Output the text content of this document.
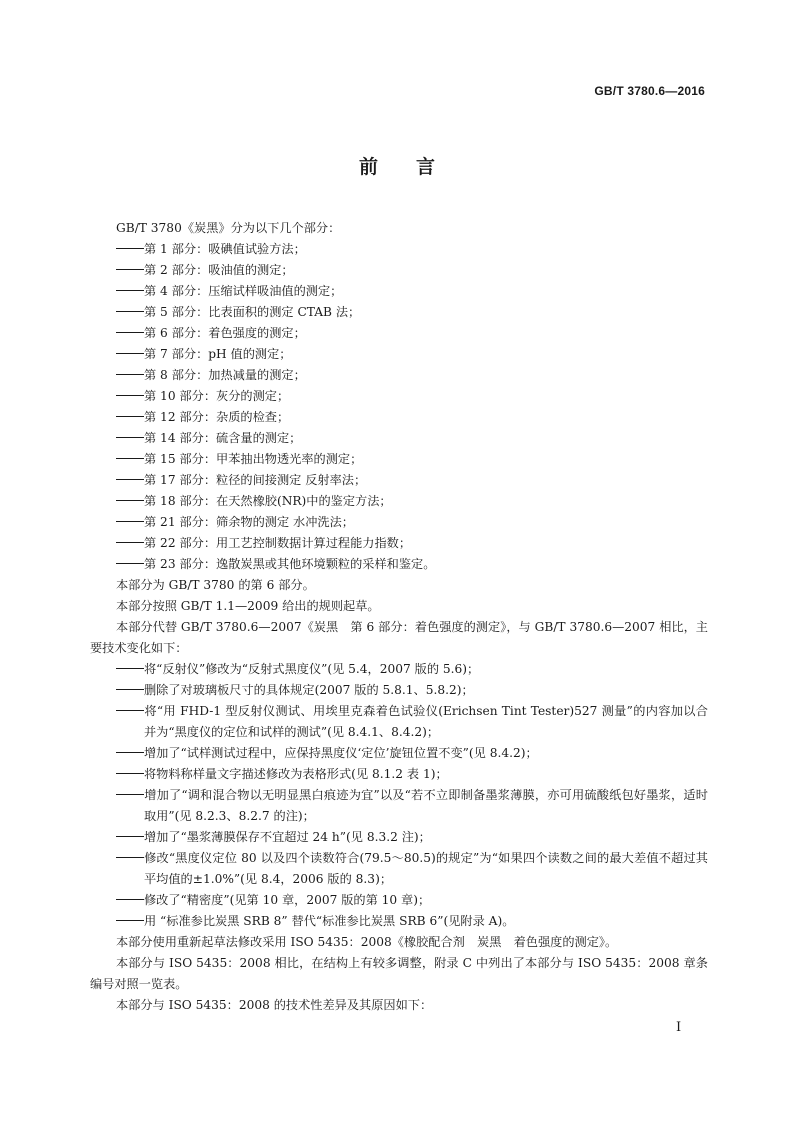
GB/T 3780.6—2016
前言

GB/T 3780《炭黑》分为以下几个部分：

第 1 部分：吸碘值试验方法；

第 2 部分：吸油值的测定；

第 4 部分：压缩试样吸油值的测定；

第 5 部分：比表面积的测定 CTAB 法；

第 6 部分：着色强度的测定；

第 7 部分：pH 值的测定；

第 8 部分：加热减量的测定；

第 10 部分：灰分的测定；

第 12 部分：杂质的检查；

第 14 部分：硫含量的测定；

第 15 部分：甲苯抽出物透光率的测定；

第 17 部分：粒径的间接测定 反射率法；

第 18 部分：在天然橡胶(NR)中的鉴定方法；

第 21 部分：筛余物的测定 水冲洗法；

第 22 部分：用工艺控制数据计算过程能力指数；

第 23 部分：逸散炭黑或其他环境颗粒的采样和鉴定。

本部分为 GB/T 3780 的第 6 部分。

本部分按照 GB/T 1.1—2009 给出的规则起草。

本部分代替 GB/T 3780.6—2007《炭黑　第 6 部分：着色强度的测定》，与 GB/T 3780.6—2007 相比，主要技术变化如下：

将“反射仪”修改为“反射式黑度仪”(见 5.4，2007 版的 5.6)；

删除了对玻璃板尺寸的具体规定(2007 版的 5.8.1、5.8.2)；

将“用 FHD-1 型反射仪测试、用埃里克森着色试验仪(Erichsen Tint Tester)527 测量”的内容加以合并为“黑度仪的定位和试样的测试”(见 8.4.1、8.4.2)；

增加了“试样测试过程中，应保持黑度仪‘定位’旋钮位置不变”(见 8.4.2)；

将物料称样量文字描述修改为表格形式(见 8.1.2 表 1)；

增加了“调和混合物以无明显黑白痕迹为宜”以及“若不立即制备墨浆薄膜，亦可用硫酸纸包好墨浆，适时取用”(见 8.2.3、8.2.7 的注)；

增加了“墨浆薄膜保存不宜超过 24 h”(见 8.3.2 注)；

修改“黑度仪定位 80 以及四个读数符合(79.5～80.5)的规定”为“如果四个读数之间的最大差值不超过其平均值的±1.0%”(见 8.4，2006 版的 8.3)；

修改了“精密度”(见第 10 章，2007 版的第 10 章)；

用 “标准参比炭黑 SRB 8” 替代“标准参比炭黑 SRB 6”(见附录 A)。

本部分使用重新起草法修改采用 ISO 5435：2008《橡胶配合剂　炭黑　着色强度的测定》。

本部分与 ISO 5435：2008 相比，在结构上有较多调整，附录 C 中列出了本部分与 ISO 5435：2008 章条编号对照一览表。

本部分与 ISO 5435：2008 的技术性差异及其原因如下：

I
